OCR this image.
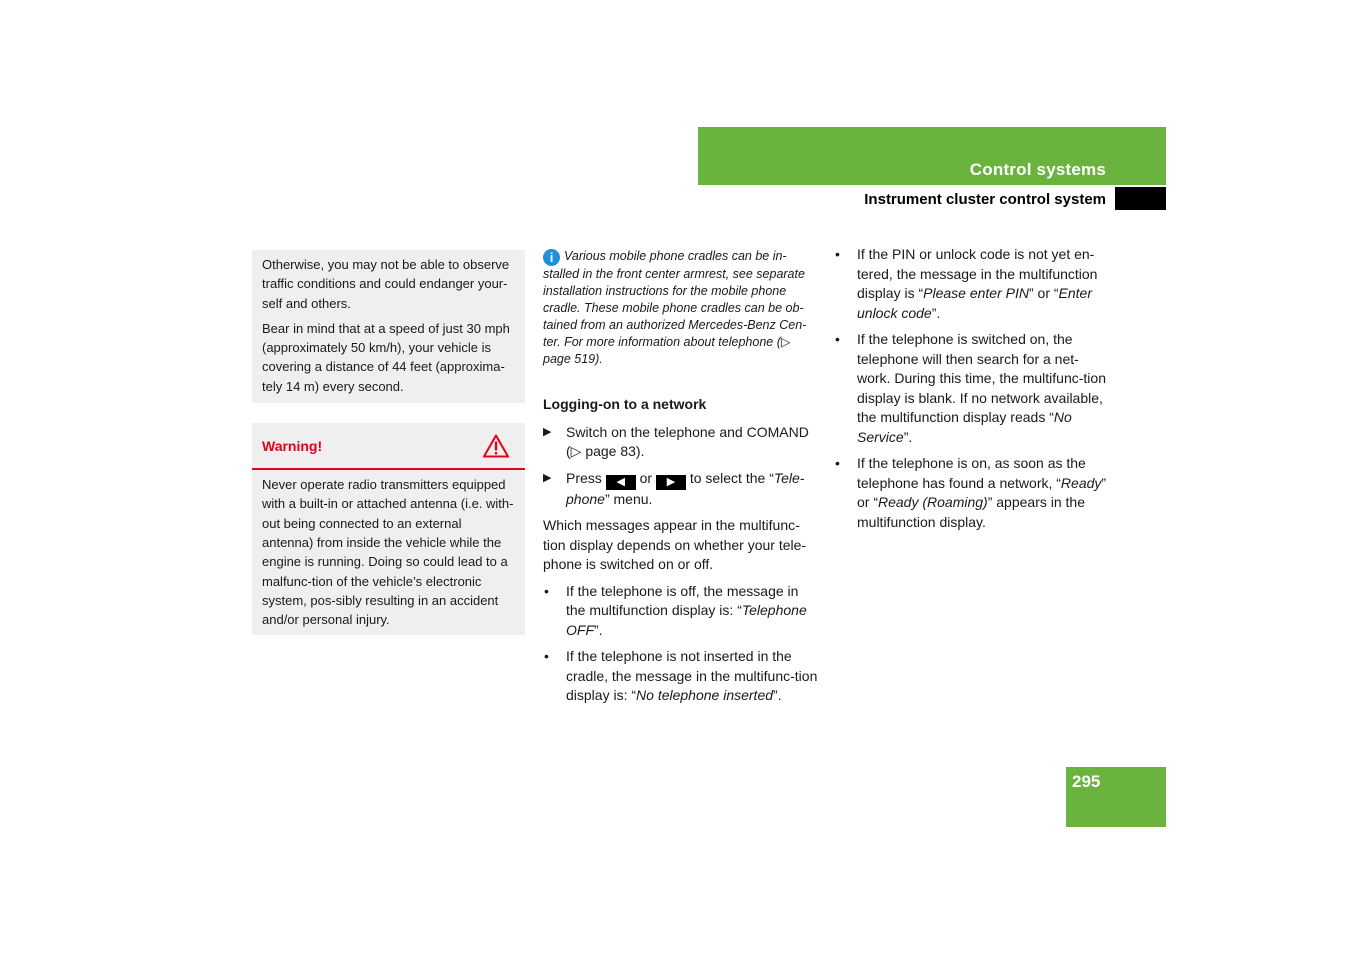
Control systems
Instrument cluster control system

Otherwise, you may not be able to observe traffic conditions and could endanger your-self and others.

Bear in mind that at a speed of just 30 mph (approximately 50 km/h), your vehicle is covering a distance of 44 feet (approxima-tely 14 m) every second.

Warning!
Never operate radio transmitters equipped with a built-in or attached antenna (i.e. with-out being connected to an external antenna) from inside the vehicle while the engine is running. Doing so could lead to a malfunc-tion of the vehicle’s electronic system, pos-sibly resulting in an accident and/or personal injury.
i Various mobile phone cradles can be in-stalled in the front center armrest, see separate installation instructions for the mobile phone cradle. These mobile phone cradles can be ob-tained from an authorized Mercedes-Benz Cen-ter. For more information about telephone (▷ page 519).
Logging-on to a network
▶ Switch on the telephone and COMAND (▷ page 83).
▶ Press ◀ or ▶ to select the “Tele-phone” menu.

Which messages appear in the multifunc-tion display depends on whether your tele-phone is switched on or off.

• If the telephone is off, the message in the multifunction display is: “Telephone OFF”.
• If the telephone is not inserted in the cradle, the message in the multifunc-tion display is: “No telephone inserted”.
• If the PIN or unlock code is not yet en-tered, the message in the multifunction display is “Please enter PIN” or “Enter unlock code”.
• If the telephone is switched on, the telephone will then search for a net-work. During this time, the multifunc-tion display is blank. If no network available, the multifunction display reads “No Service”.
• If the telephone is on, as soon as the telephone has found a network, “Ready” or “Ready (Roaming)” appears in the multifunction display.
295
